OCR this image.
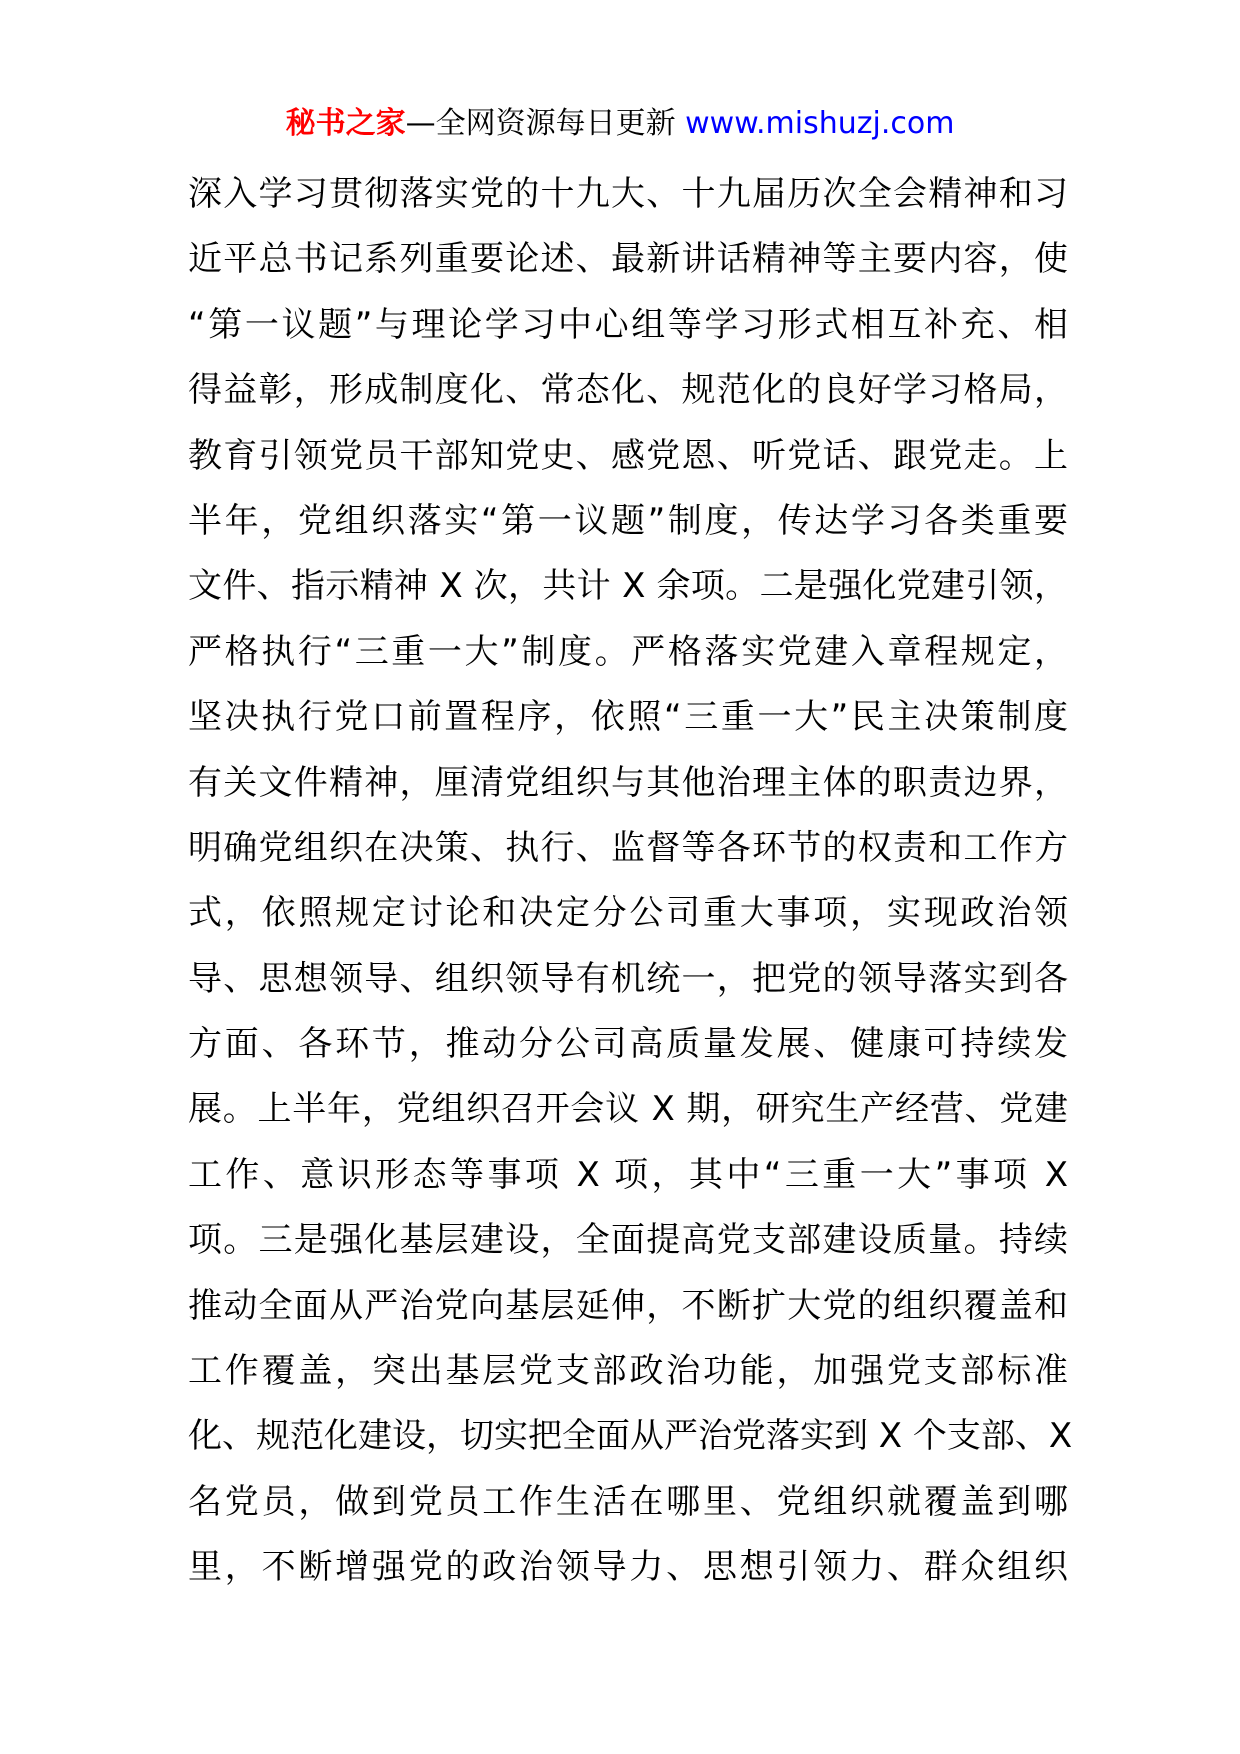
秘书之家—全网资源每日更新 www.mishuzj.com
深入学习贯彻落实党的十九大、十九届历次全会精神和习
近平总书记系列重要论述、最新讲话精神等主要内容，使
“第一议题”与理论学习中心组等学习形式相互补充、相
得益彰，形成制度化、常态化、规范化的良好学习格局，
教育引领党员干部知党史、感党恩、听党话、跟党走。上
半年，党组织落实“第一议题”制度，传达学习各类重要
文件、指示精神 X 次，共计 X 余项。二是强化党建引领，
严格执行“三重一大”制度。严格落实党建入章程规定，
坚决执行党口前置程序，依照“三重一大”民主决策制度
有关文件精神，厘清党组织与其他治理主体的职责边界，
明确党组织在决策、执行、监督等各环节的权责和工作方
式，依照规定讨论和决定分公司重大事项，实现政治领
导、思想领导、组织领导有机统一，把党的领导落实到各
方面、各环节，推动分公司高质量发展、健康可持续发
展。上半年，党组织召开会议 X 期，研究生产经营、党建
工作、意识形态等事项 X 项，其中“三重一大”事项 X
项。三是强化基层建设，全面提高党支部建设质量。持续
推动全面从严治党向基层延伸，不断扩大党的组织覆盖和
工作覆盖，突出基层党支部政治功能，加强党支部标准
化、规范化建设，切实把全面从严治党落实到 X 个支部、X
名党员，做到党员工作生活在哪里、党组织就覆盖到哪
里，不断增强党的政治领导力、思想引领力、群众组织
